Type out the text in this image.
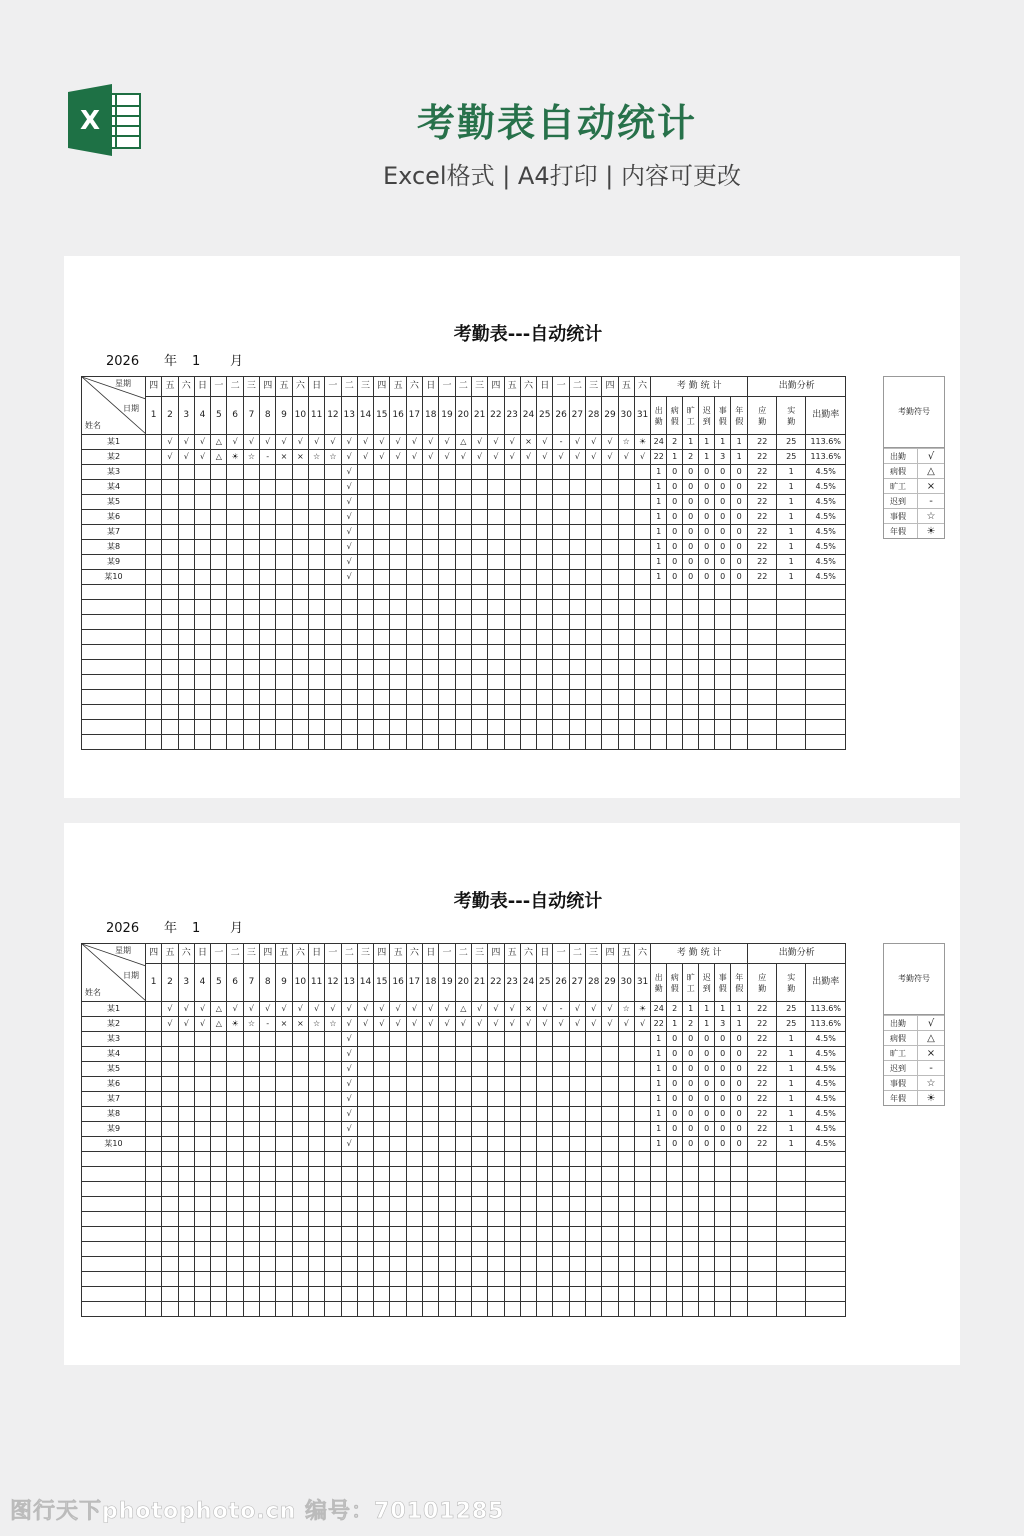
X	考勤表自动统计
Excel格式 | A4打印 | 内容可更改
考勤表---自动统计
2026 年 1 月
星期
日期
姓名	四	五	六	日	一	二	三	四	五	六	日	一	二	三	四	五	六	日	一	二	三	四	五	六	日	一	二	三	四	五	六	考 勤 统 计						出勤分析		
	1	2	3	4	5	6	7	8	9	10	11	12	13	14	15	16	17	18	19	20	21	22	23	24	25	26	27	28	29	30	31	出勤	病假	旷工	迟到	事假	年假	应勤	实勤	出勤率
某1		√	√	√	△	√	√	√	√	√	√	√	√	√	√	√	√	√	√	△	√	√	√	×	√	-	√	√	√	☆	☀	24	2	1	1	1	1	22	25	113.6%
某2		√	√	√	△	☀	☆	-	×	×	☆	☆	√	√	√	√	√	√	√	√	√	√	√	√	√	√	√	√	√	√	√	22	1	2	1	3	1	22	25	113.6%
某3													√																			1	0	0	0	0	0	22	1	4.5%
某4													√																			1	0	0	0	0	0	22	1	4.5%
某5													√																			1	0	0	0	0	0	22	1	4.5%
某6													√																			1	0	0	0	0	0	22	1	4.5%
某7													√																			1	0	0	0	0	0	22	1	4.5%
某8													√																			1	0	0	0	0	0	22	1	4.5%
某9													√																			1	0	0	0	0	0	22	1	4.5%
某10													√																			1	0	0	0	0	0	22	1	4.5%

考勤符号
出勤	√
病假	△
旷工	×
迟到	-
事假	☆
年假	☀
考勤表---自动统计
2026 年 1 月
星期
日期
姓名	四	五	六	日	一	二	三	四	五	六	日	一	二	三	四	五	六	日	一	二	三	四	五	六	日	一	二	三	四	五	六	考 勤 统 计						出勤分析		
	1	2	3	4	5	6	7	8	9	10	11	12	13	14	15	16	17	18	19	20	21	22	23	24	25	26	27	28	29	30	31	出勤	病假	旷工	迟到	事假	年假	应勤	实勤	出勤率
某1		√	√	√	△	√	√	√	√	√	√	√	√	√	√	√	√	√	√	△	√	√	√	×	√	-	√	√	√	☆	☀	24	2	1	1	1	1	22	25	113.6%
某2		√	√	√	△	☀	☆	-	×	×	☆	☆	√	√	√	√	√	√	√	√	√	√	√	√	√	√	√	√	√	√	√	22	1	2	1	3	1	22	25	113.6%
某3													√																			1	0	0	0	0	0	22	1	4.5%
某4													√																			1	0	0	0	0	0	22	1	4.5%
某5													√																			1	0	0	0	0	0	22	1	4.5%
某6													√																			1	0	0	0	0	0	22	1	4.5%
某7													√																			1	0	0	0	0	0	22	1	4.5%
某8													√																			1	0	0	0	0	0	22	1	4.5%
某9													√																			1	0	0	0	0	0	22	1	4.5%
某10													√																			1	0	0	0	0	0	22	1	4.5%

考勤符号
出勤	√
病假	△
旷工	×
迟到	-
事假	☆
年假	☀
图行天下photophoto.cn 编号：70101285
